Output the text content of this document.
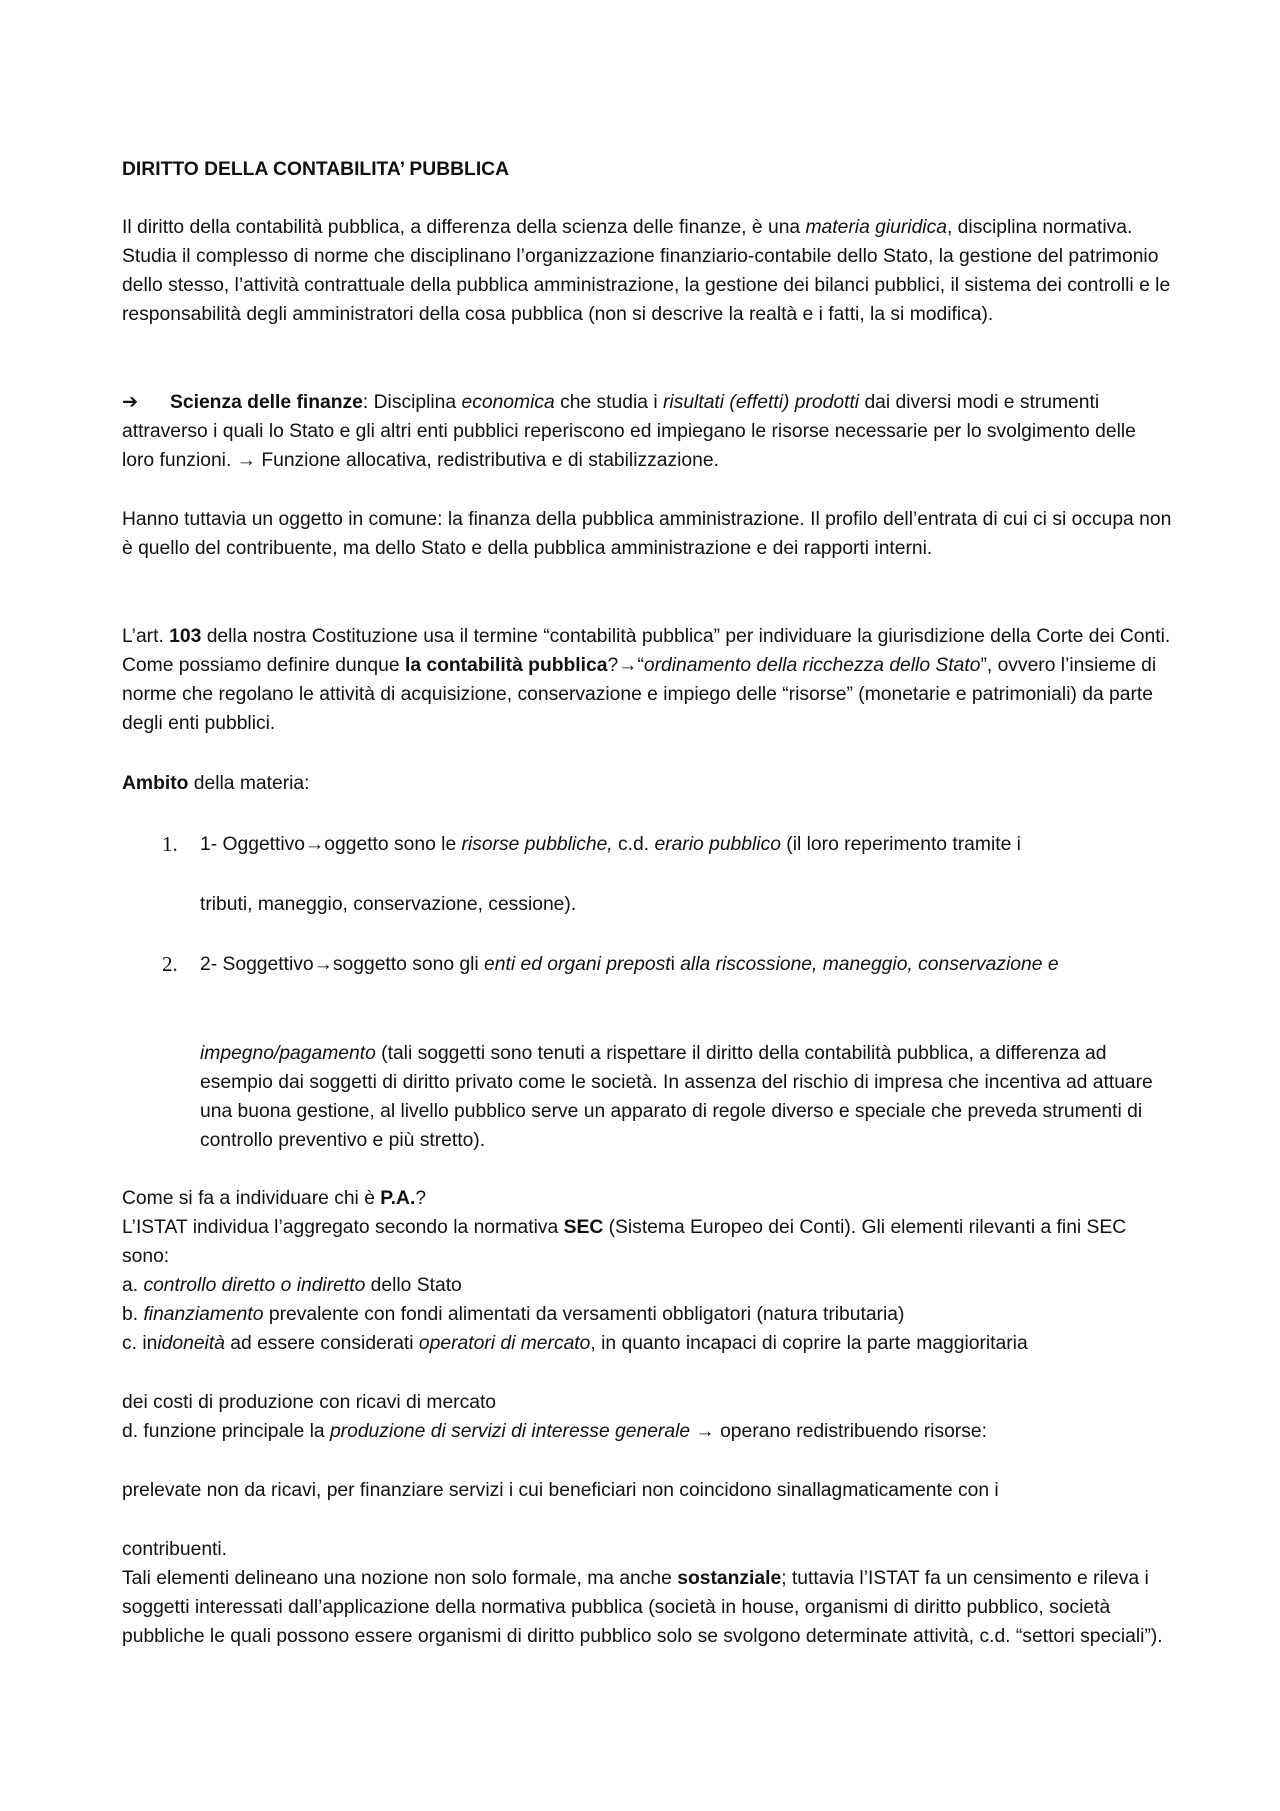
DIRITTO DELLA CONTABILITA’ PUBBLICA

Il diritto della contabilità pubblica, a differenza della scienza delle finanze, è una materia giuridica, disciplina normativa. Studia il complesso di norme che disciplinano l’organizzazione finanziario-contabile dello Stato, la gestione del patrimonio dello stesso, l’attività contrattuale della pubblica amministrazione, la gestione dei bilanci pubblici, il sistema dei controlli e le responsabilità degli amministratori della cosa pubblica (non si descrive la realtà e i fatti, la si modifica).

➔ Scienza delle finanze: Disciplina economica che studia i risultati (effetti) prodotti dai diversi modi e strumenti attraverso i quali lo Stato e gli altri enti pubblici reperiscono ed impiegano le risorse necessarie per lo svolgimento delle loro funzioni. → Funzione allocativa, redistributiva e di stabilizzazione.

Hanno tuttavia un oggetto in comune: la finanza della pubblica amministrazione. Il profilo dell’entrata di cui ci si occupa non è quello del contribuente, ma dello Stato e della pubblica amministrazione e dei rapporti interni.

L’art. 103 della nostra Costituzione usa il termine “contabilità pubblica” per individuare la giurisdizione della Corte dei Conti. Come possiamo definire dunque la contabilità pubblica?→“ordinamento della ricchezza dello Stato”, ovvero l’insieme di norme che regolano le attività di acquisizione, conservazione e impiego delle “risorse” (monetarie e patrimoniali) da parte degli enti pubblici.

Ambito della materia:

1. 1- Oggettivo→oggetto sono le risorse pubbliche, c.d. erario pubblico (il loro reperimento tramite i

tributi, maneggio, conservazione, cessione).

2. 2- Soggettivo→soggetto sono gli enti ed organi preposti alla riscossione, maneggio, conservazione e

impegno/pagamento (tali soggetti sono tenuti a rispettare il diritto della contabilità pubblica, a differenza ad esempio dai soggetti di diritto privato come le società. In assenza del rischio di impresa che incentiva ad attuare una buona gestione, al livello pubblico serve un apparato di regole diverso e speciale che preveda strumenti di controllo preventivo e più stretto).

Come si fa a individuare chi è P.A.?

L’ISTAT individua l’aggregato secondo la normativa SEC (Sistema Europeo dei Conti). Gli elementi rilevanti a fini SEC sono:

a. controllo diretto o indiretto dello Stato

b. finanziamento prevalente con fondi alimentati da versamenti obbligatori (natura tributaria)

c. inidoneità ad essere considerati operatori di mercato, in quanto incapaci di coprire la parte maggioritaria

dei costi di produzione con ricavi di mercato

d. funzione principale la produzione di servizi di interesse generale → operano redistribuendo risorse:

prelevate non da ricavi, per finanziare servizi i cui beneficiari non coincidono sinallagmaticamente con i

contribuenti.

Tali elementi delineano una nozione non solo formale, ma anche sostanziale; tuttavia l’ISTAT fa un censimento e rileva i soggetti interessati dall’applicazione della normativa pubblica (società in house, organismi di diritto pubblico, società pubbliche le quali possono essere organismi di diritto pubblico solo se svolgono determinate attività, c.d. “settori speciali”).
